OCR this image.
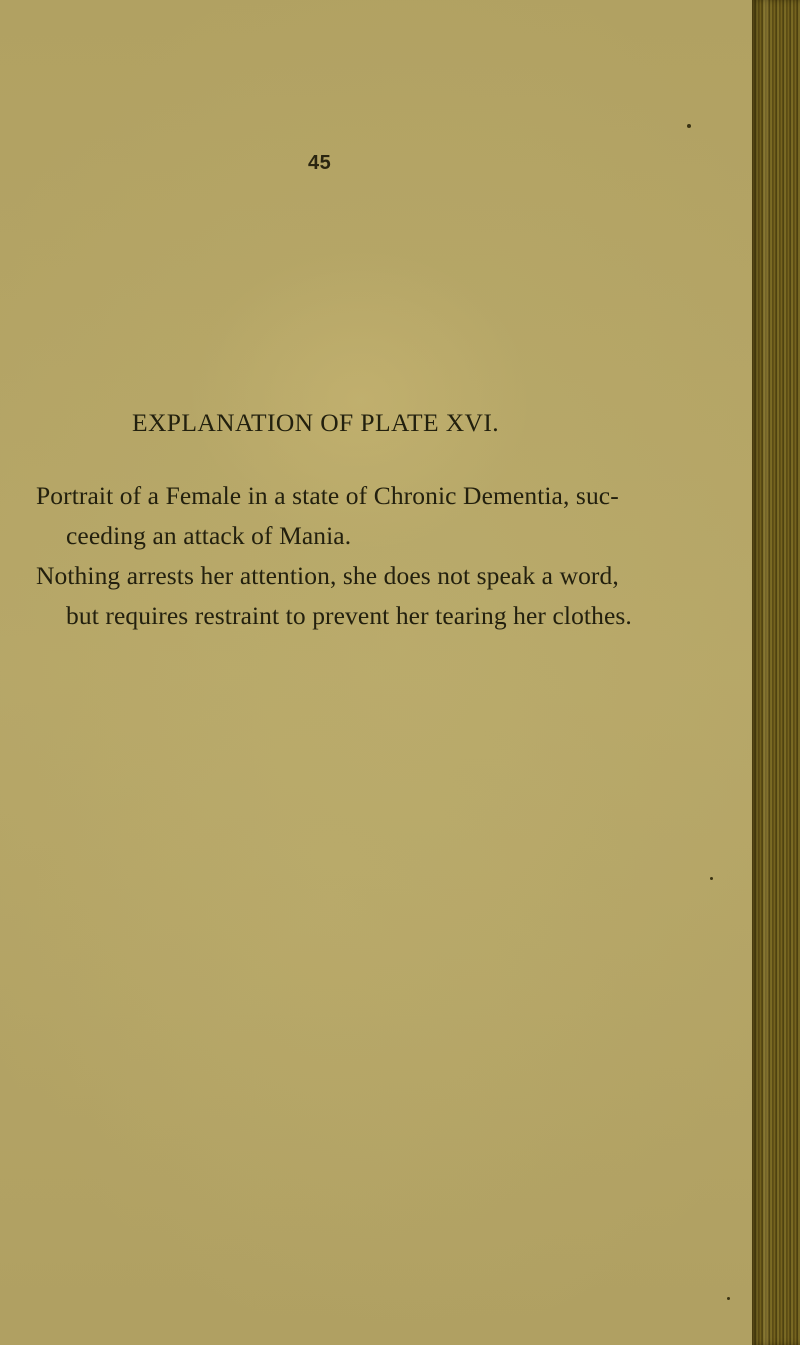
45
EXPLANATION OF PLATE XVI.
Portrait of a Female in a state of Chronic Dementia, suc-
ceeding an attack of Mania.
Nothing arrests her attention, she does not speak a word,
but requires restraint to prevent her tearing her clothes.
